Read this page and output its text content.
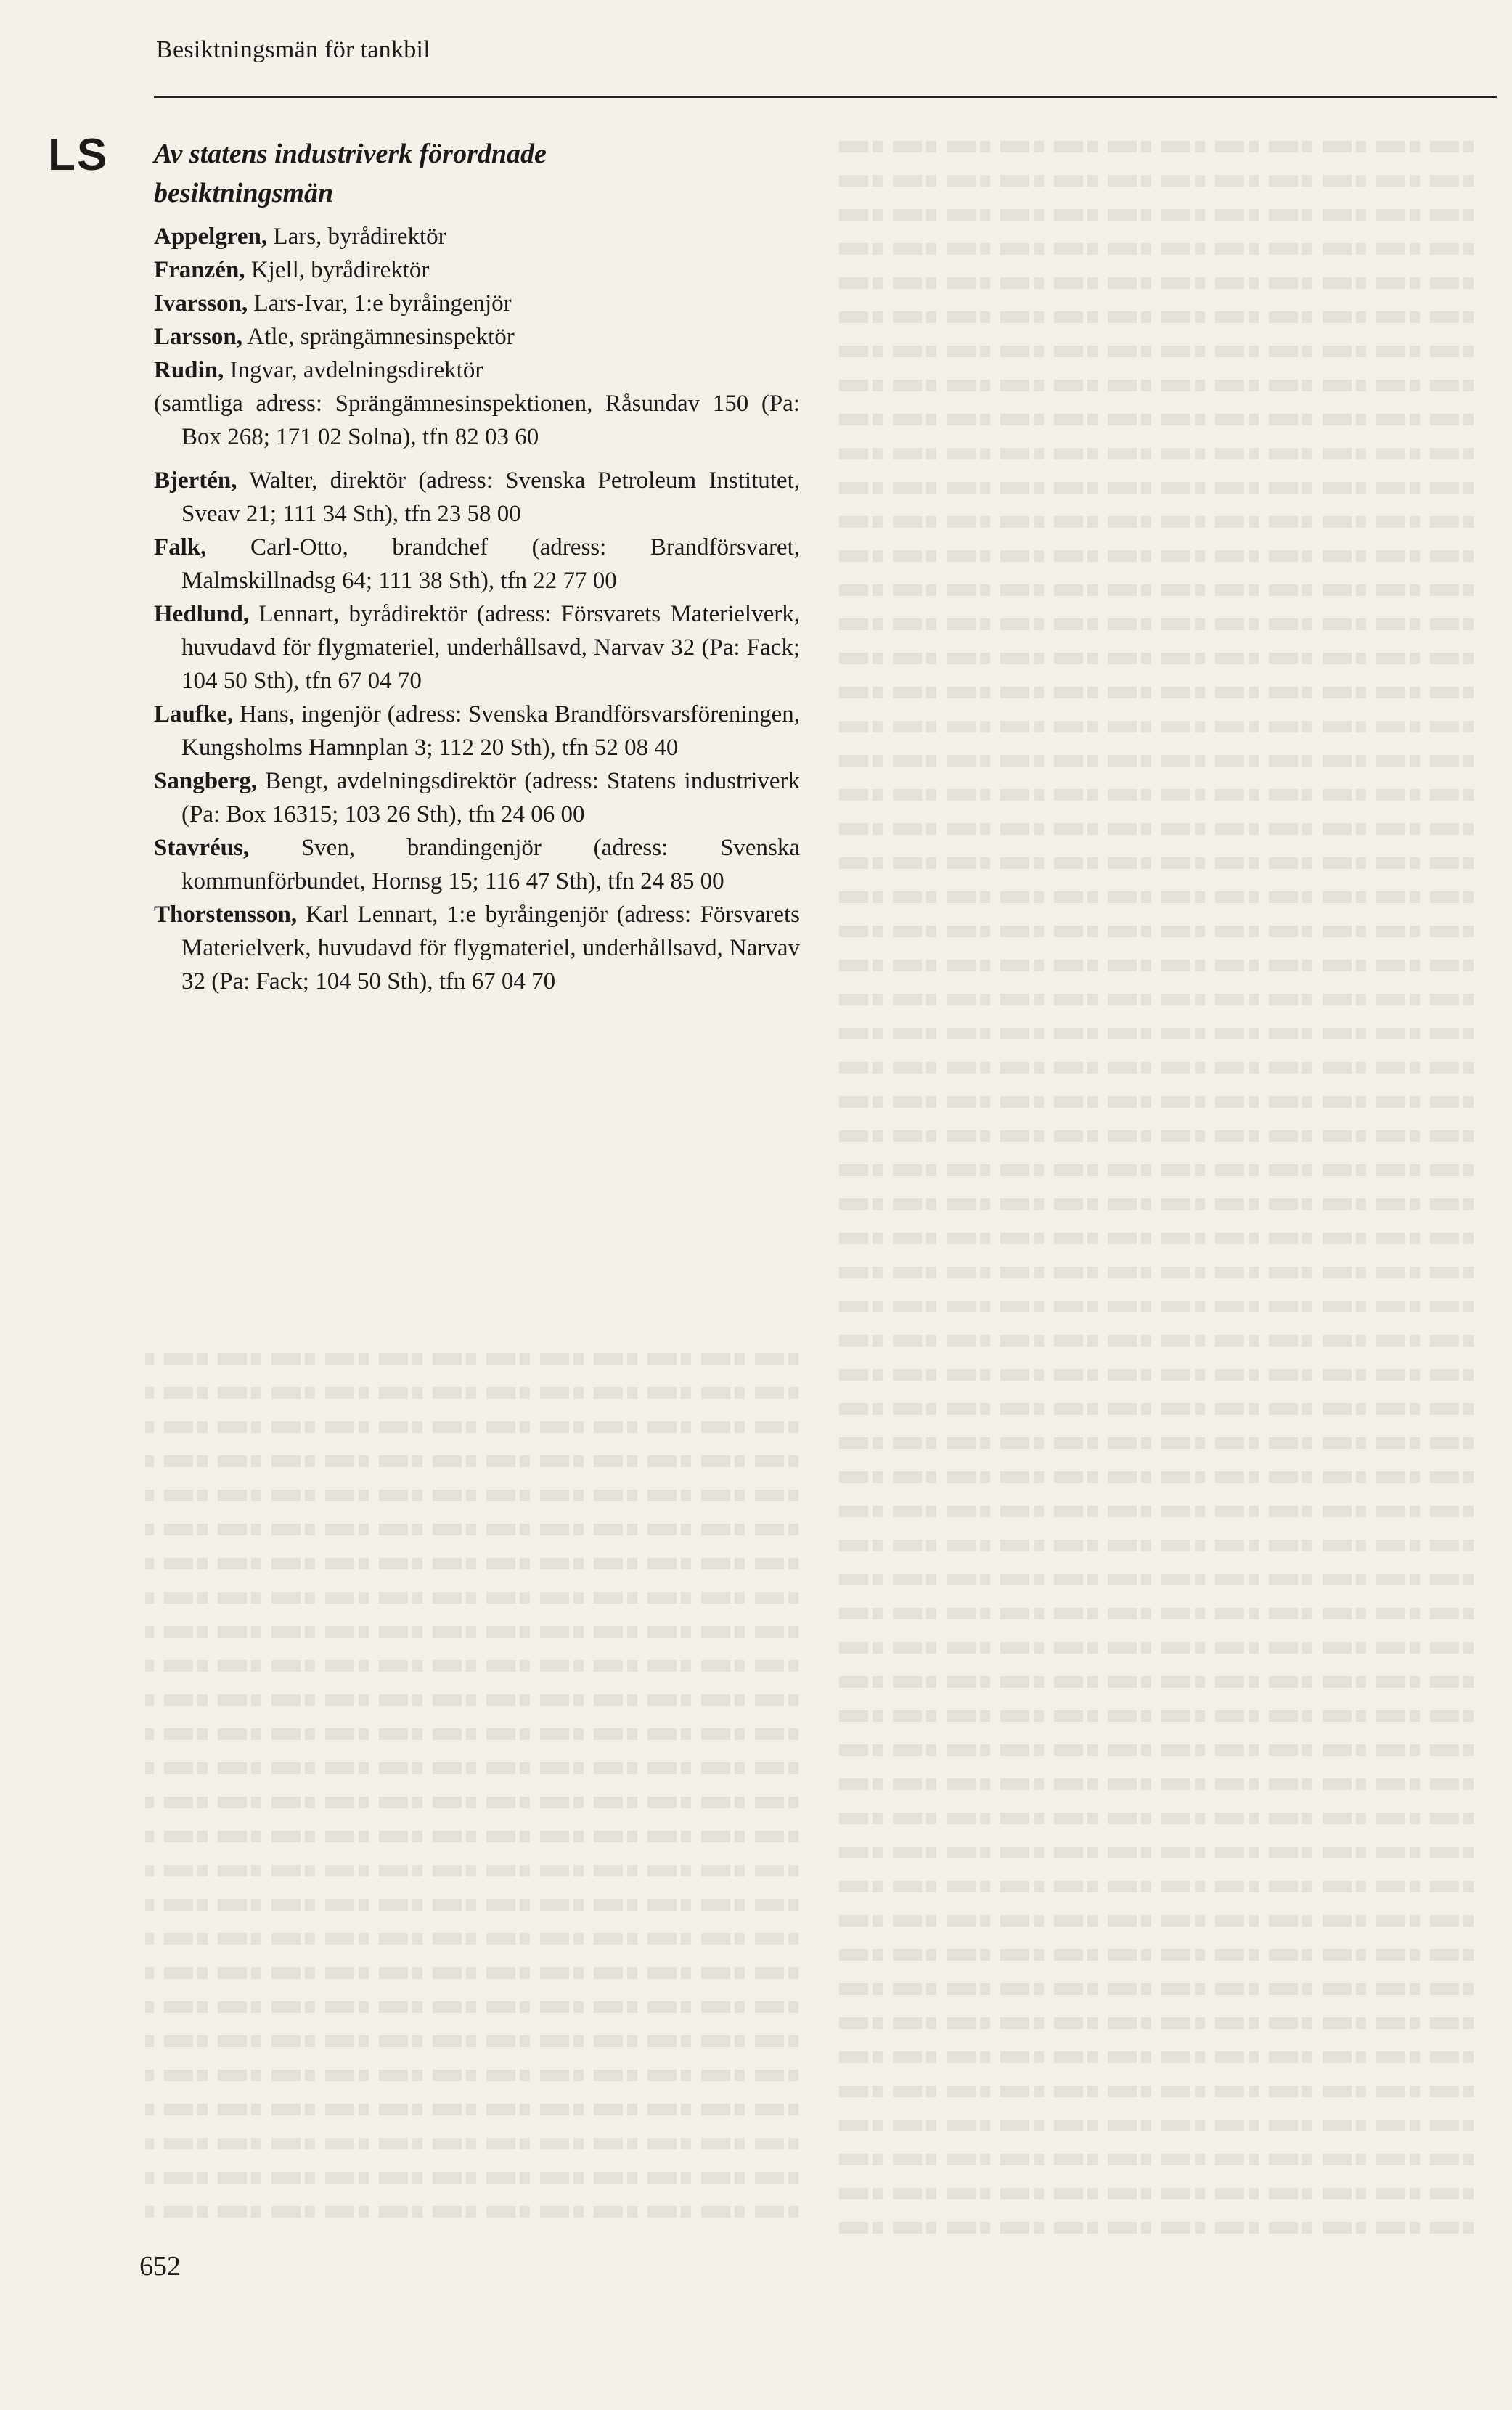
Besiktningsmän för tankbil
LS Av statens industriverk förordnade
besiktningsmän

Appelgren, Lars, byrådirektör

Franzén, Kjell, byrådirektör

Ivarsson, Lars-Ivar, 1:e byråingenjör

Larsson, Atle, sprängämnesinspektör

Rudin, Ingvar, avdelningsdirektör

(samtliga adress: Sprängämnesinspektionen, Råsundav 150 (Pa: Box 268; 171 02 Solna), tfn 82 03 60

Bjertén, Walter, direktör (adress: Svenska Petroleum Institutet, Sveav 21; 111 34 Sth), tfn 23 58 00

Falk, Carl-Otto, brandchef (adress: Brandförsvaret, Malmskillnadsg 64; 111 38 Sth), tfn 22 77 00

Hedlund, Lennart, byrådirektör (adress: Försvarets Materielverk, huvudavd för flygmateriel, underhållsavd, Narvav 32 (Pa: Fack; 104 50 Sth), tfn 67 04 70

Laufke, Hans, ingenjör (adress: Svenska Brandförsvarsföreningen, Kungsholms Hamnplan 3; 112 20 Sth), tfn 52 08 40

Sangberg, Bengt, avdelningsdirektör (adress: Statens industriverk (Pa: Box 16315; 103 26 Sth), tfn 24 06 00

Stavréus, Sven, brandingenjör (adress: Svenska kommunförbundet, Hornsg 15; 116 47 Sth), tfn 24 85 00

Thorstensson, Karl Lennart, 1:e byråingenjör (adress: Försvarets Materielverk, huvudavd för flygmateriel, underhållsavd, Narvav 32 (Pa: Fack; 104 50 Sth), tfn 67 04 70

652
